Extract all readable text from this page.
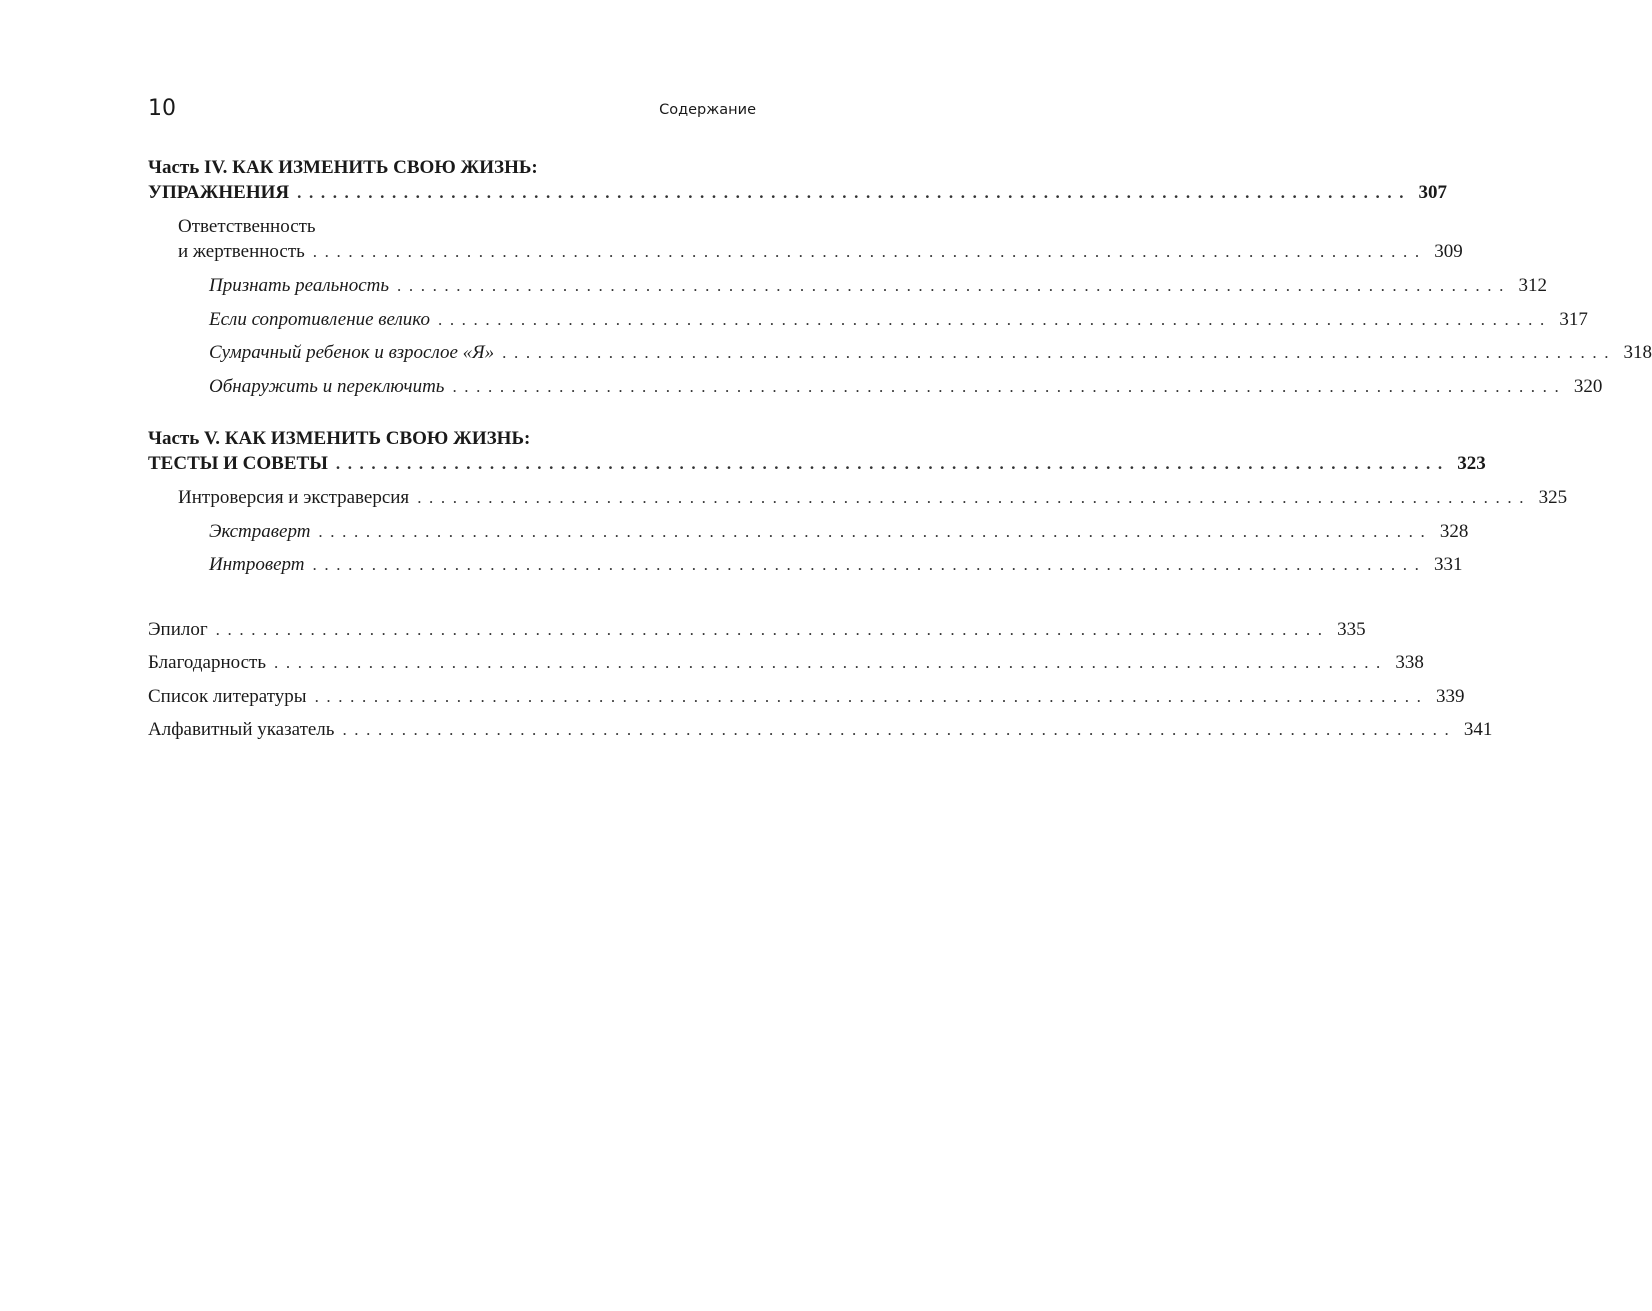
10	Содержание
Часть IV. КАК ИЗМЕНИТЬ СВОЮ ЖИЗНЬ:
УПРАЖНЕНИЯ .............................................................................................. 307
Ответственность
и жертвенность .............................................................................................. 309
Признать реальность .............................................................................................. 312
Если сопротивление велико .............................................................................................. 317
Сумрачный ребенок и взрослое «Я» .............................................................................................. 318
Обнаружить и переключить .............................................................................................. 320
Часть V. КАК ИЗМЕНИТЬ СВОЮ ЖИЗНЬ:
ТЕСТЫ И СОВЕТЫ .............................................................................................. 323
Интроверсия и экстраверсия .............................................................................................. 325
Экстраверт .............................................................................................. 328
Интроверт .............................................................................................. 331
Эпилог .............................................................................................. 335
Благодарность .............................................................................................. 338
Список литературы .............................................................................................. 339
Алфавитный указатель .............................................................................................. 341
